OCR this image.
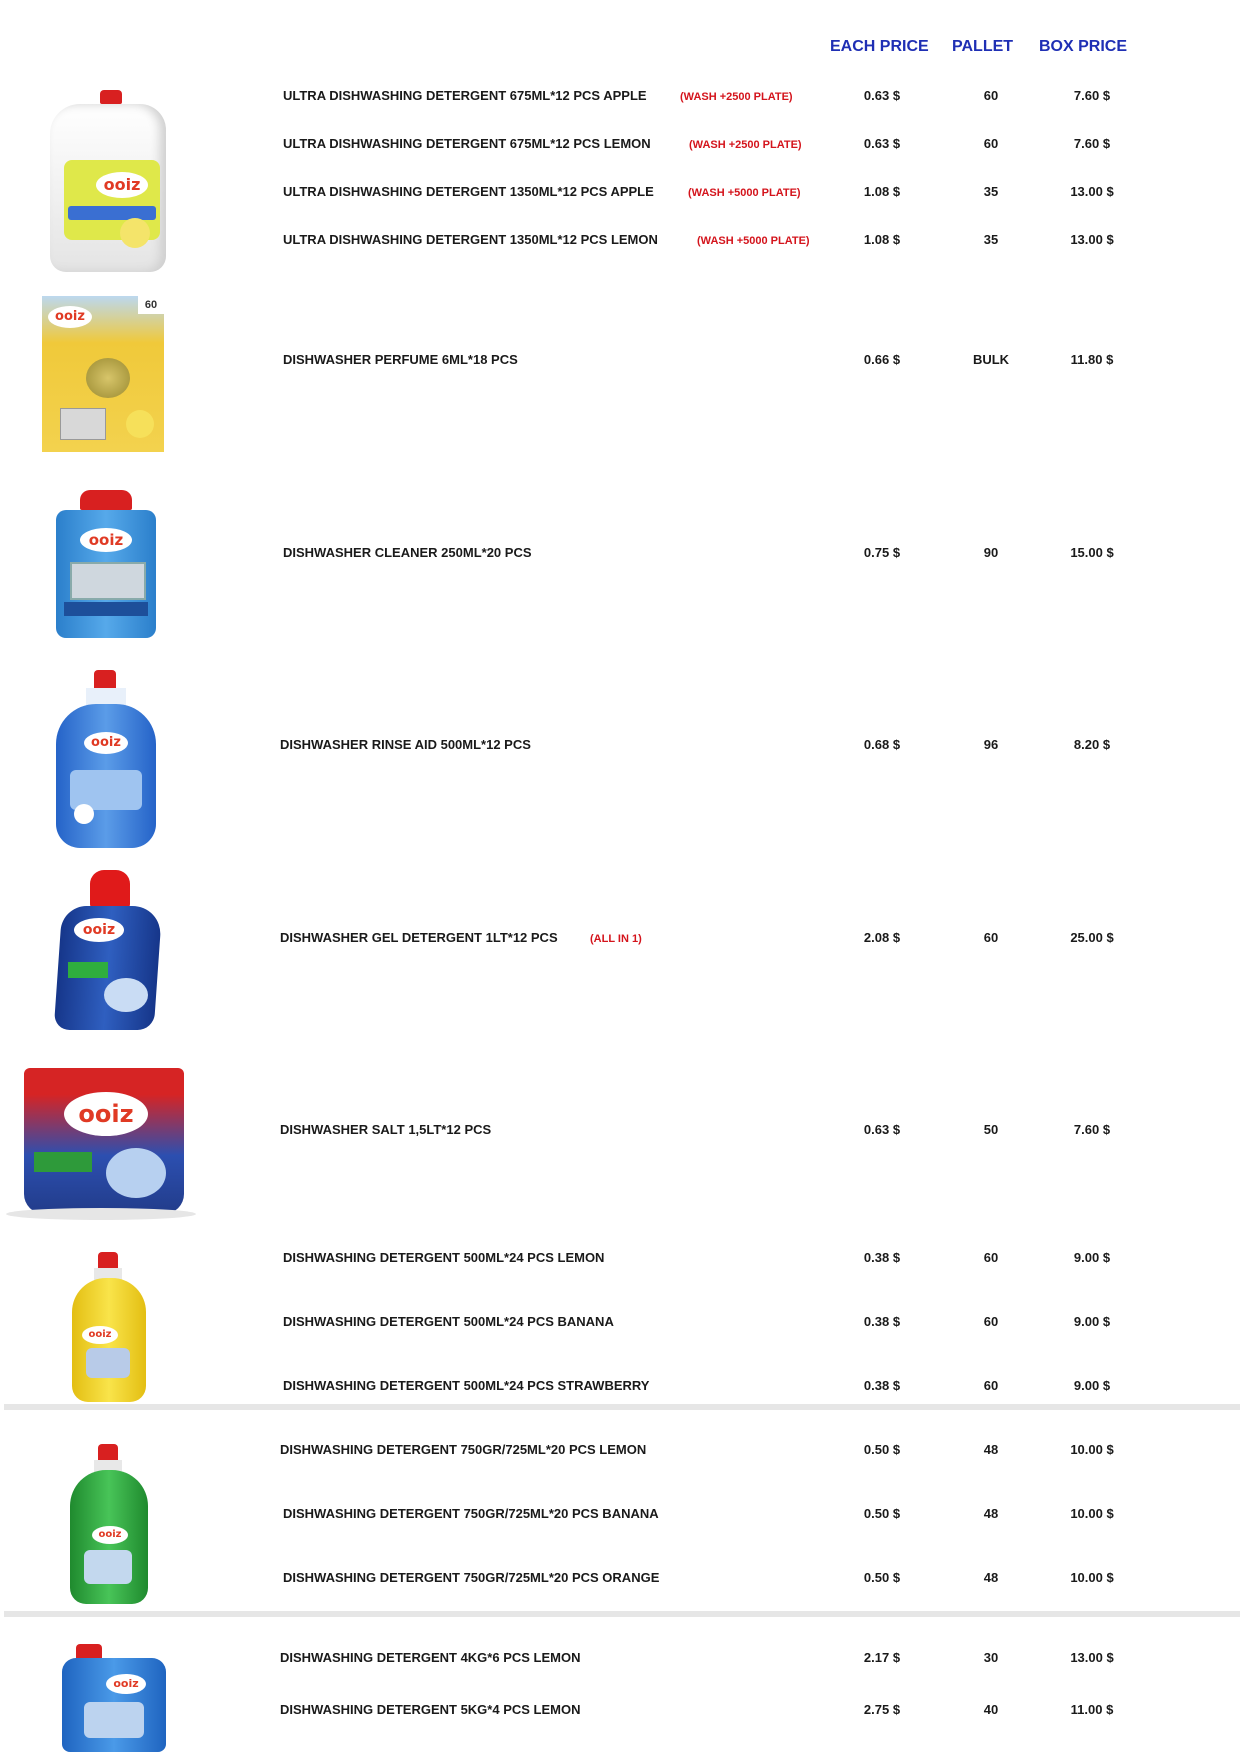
EACH PRICE PALLET BOX PRICE
ooiz
60
ooiz
ooiz
ooiz
ooiz
ooiz
ooiz
ooiz
ooiz
ULTRA DISHWASHING DETERGENT 675ML*12 PCS APPLE	(WASH +2500 PLATE)	0.63 $	60	7.60 $
ULTRA DISHWASHING DETERGENT 675ML*12 PCS LEMON	(WASH +2500 PLATE)	0.63 $	60	7.60 $
ULTRA DISHWASHING DETERGENT 1350ML*12 PCS APPLE	(WASH +5000 PLATE)	1.08 $	35	13.00 $
ULTRA DISHWASHING DETERGENT 1350ML*12 PCS LEMON	(WASH +5000 PLATE)	1.08 $	35	13.00 $
DISHWASHER PERFUME 6ML*18 PCS	0.66 $	BULK	11.80 $
DISHWASHER CLEANER 250ML*20 PCS	0.75 $	90	15.00 $
DISHWASHER RINSE AID 500ML*12 PCS	0.68 $	96	8.20 $
DISHWASHER GEL DETERGENT 1LT*12 PCS	(ALL IN 1)	2.08 $	60	25.00 $
DISHWASHER SALT 1,5LT*12 PCS	0.63 $	50	7.60 $
DISHWASHING DETERGENT 500ML*24 PCS LEMON	0.38 $	60	9.00 $
DISHWASHING DETERGENT 500ML*24 PCS BANANA	0.38 $	60	9.00 $
DISHWASHING DETERGENT 500ML*24 PCS STRAWBERRY	0.38 $	60	9.00 $
DISHWASHING DETERGENT 750GR/725ML*20 PCS LEMON	0.50 $	48	10.00 $
DISHWASHING DETERGENT 750GR/725ML*20 PCS BANANA	0.50 $	48	10.00 $
DISHWASHING DETERGENT 750GR/725ML*20 PCS ORANGE	0.50 $	48	10.00 $
DISHWASHING DETERGENT 4KG*6 PCS LEMON	2.17 $	30	13.00 $
DISHWASHING DETERGENT 5KG*4 PCS LEMON	2.75 $	40	11.00 $
